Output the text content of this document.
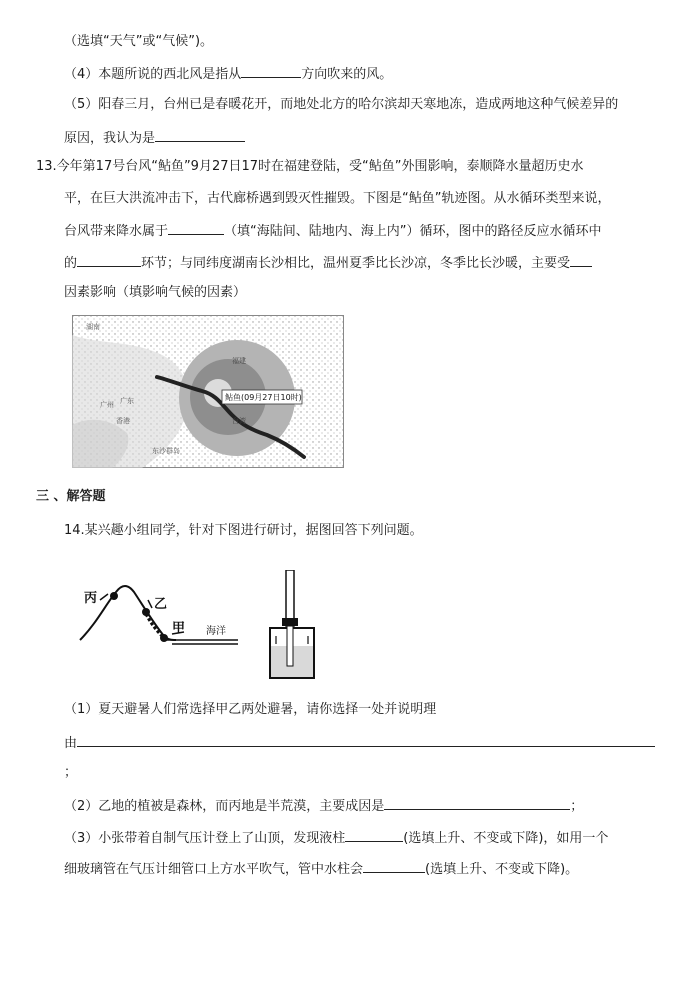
（选填“天气”或“气候”)。
（4）本题所说的西北风是指从	方向吹来的风。
（5）阳春三月，台州已是春暖花开，而地处北方的哈尔滨却天寒地冻，造成两地这种气候差异的
原因，我认为是
13.今年第17号台风“鲇鱼”9月27日17时在福建登陆，受“鲇鱼”外围影响，泰顺降水量超历史水
平，在巨大洪流冲击下，古代廊桥遇到毁灭性摧毁。下图是“鲇鱼”轨迹图。从水循环类型来说，
台风带来降水属于	（填“海陆间、陆地内、海上内”）循环，图中的路径反应水循环中
的	环节；与同纬度湖南长沙相比，温州夏季比长沙凉，冬季比长沙暖，主要受
因素影响（填影响气候的因素）
鲇鱼(09月27日10时)
湖南
广东
广州
香港	台湾
东沙群岛
福建
三 、解答题
14.某兴趣小组同学，针对下图进行研讨，据图回答下列问题。
丙	乙
甲 海洋
（1）夏天避暑人们常选择甲乙两处避暑，请你选择一处并说明理
由
；
（2）乙地的植被是森林，而丙地是半荒漠，主要成因是	；
（3）小张带着自制气压计登上了山顶，发现液柱	(选填上升、不变或下降)，如用一个
细玻璃管在气压计细管口上方水平吹气，管中水柱会	(选填上升、不变或下降)。
